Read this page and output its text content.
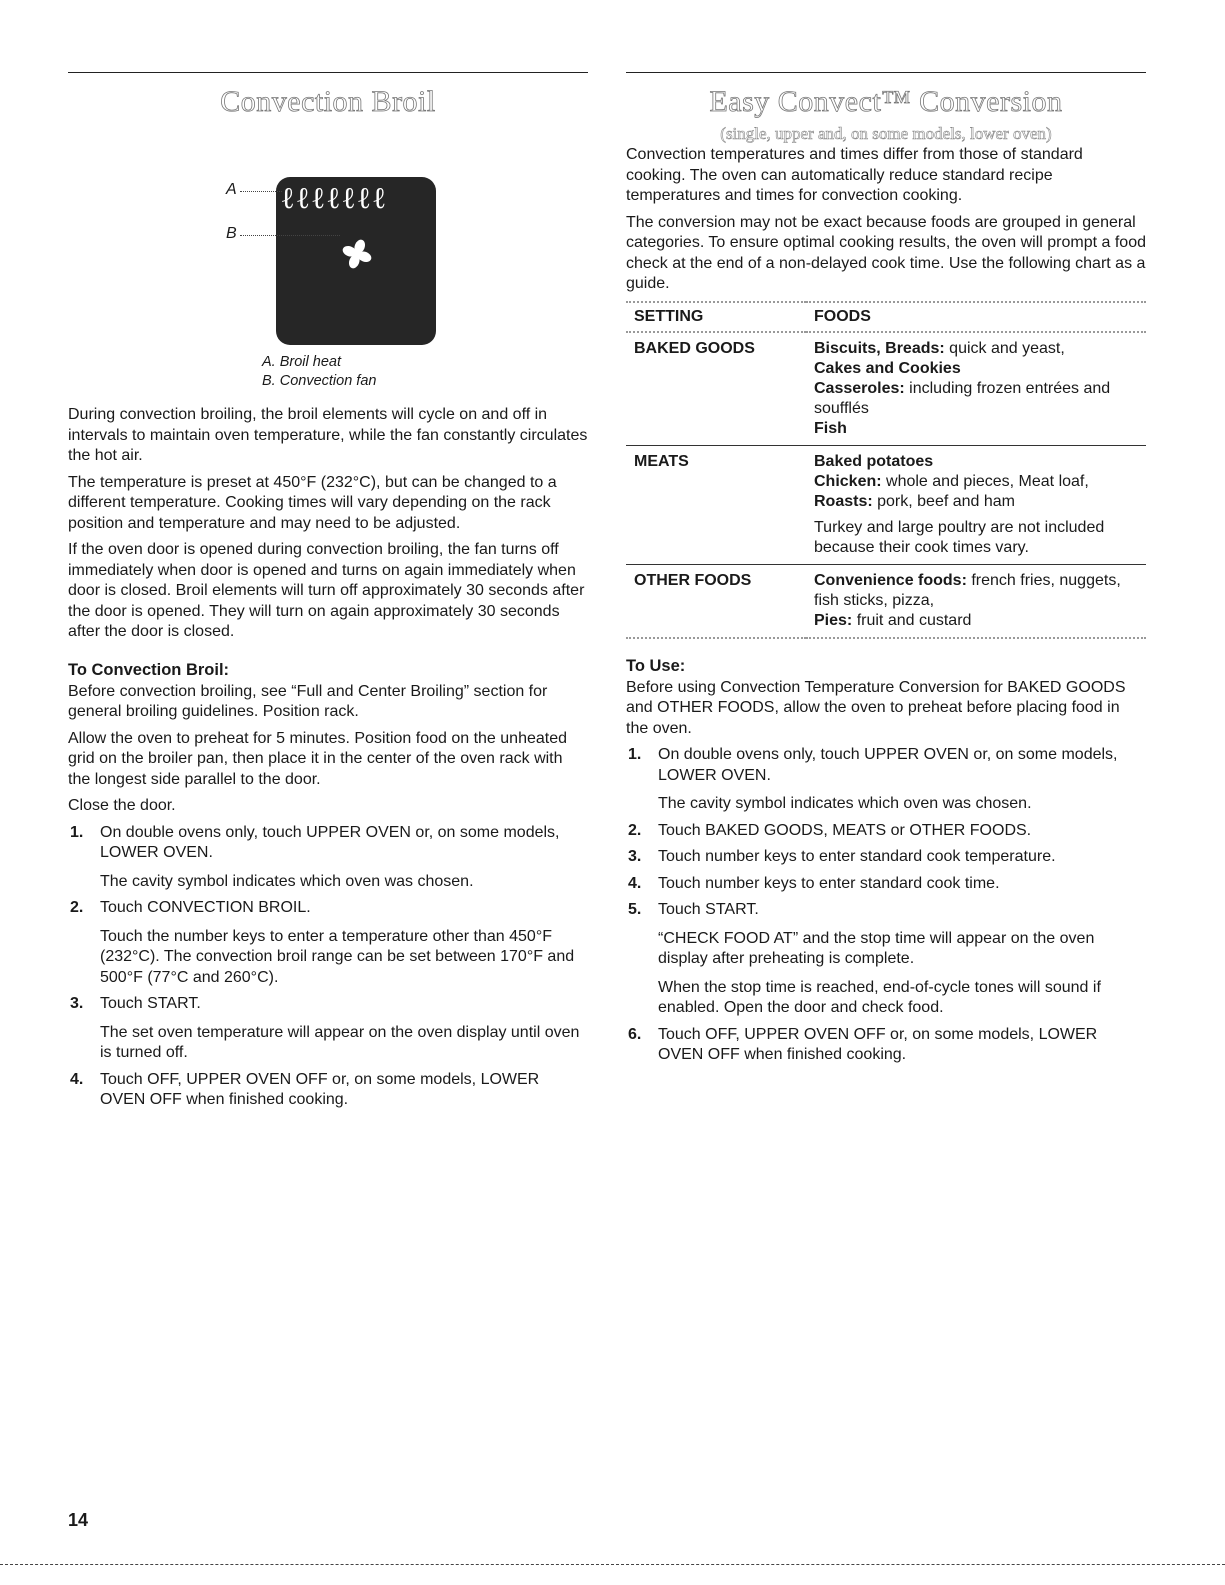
Convection Broil
ℓℓℓℓℓℓℓ
A
B
A. Broil heat
B. Convection fan

During convection broiling, the broil elements will cycle on and off in intervals to maintain oven temperature, while the fan constantly circulates the hot air.

The temperature is preset at 450°F (232°C), but can be changed to a different temperature. Cooking times will vary depending on the rack position and temperature and may need to be adjusted.

If the oven door is opened during convection broiling, the fan turns off immediately when door is opened and turns on again immediately when door is closed. Broil elements will turn off approximately 30 seconds after the door is opened. They will turn on again approximately 30 seconds after the door is closed.

To Convection Broil:

Before convection broiling, see “Full and Center Broiling” section for general broiling guidelines. Position rack.

Allow the oven to preheat for 5 minutes. Position food on the unheated grid on the broiler pan, then place it in the center of the oven rack with the longest side parallel to the door.

Close the door.

1. On double ovens only, touch UPPER OVEN or, on some models, LOWER OVEN.
The cavity symbol indicates which oven was chosen.
2. Touch CONVECTION BROIL.
Touch the number keys to enter a temperature other than 450°F (232°C). The convection broil range can be set between 170°F and 500°F (77°C and 260°C).
3. Touch START.
The set oven temperature will appear on the oven display until oven is turned off.
4. Touch OFF, UPPER OVEN OFF or, on some models, LOWER OVEN OFF when finished cooking.
Easy Convect™ Conversion
(single, upper and, on some models, lower oven)

Convection temperatures and times differ from those of standard cooking. The oven can automatically reduce standard recipe temperatures and times for convection cooking.

The conversion may not be exact because foods are grouped in general categories. To ensure optimal cooking results, the oven will prompt a food check at the end of a non-delayed cook time. Use the following chart as a guide.

SETTING	FOODS
BAKED GOODS	Biscuits, Breads: quick and yeast,
Cakes and Cookies
Casseroles: including frozen entrées and soufflés
Fish

MEATS	Baked potatoes
Chicken: whole and pieces, Meat loaf,
Roasts: pork, beef and ham
Turkey and large poultry are not included because their cook times vary.

OTHER FOODS	Convenience foods: french fries, nuggets, fish sticks, pizza,
Pies: fruit and custard
To Use:

Before using Convection Temperature Conversion for BAKED GOODS and OTHER FOODS, allow the oven to preheat before placing food in the oven.

1. On double ovens only, touch UPPER OVEN or, on some models, LOWER OVEN.
The cavity symbol indicates which oven was chosen.
2. Touch BAKED GOODS, MEATS or OTHER FOODS.
3. Touch number keys to enter standard cook temperature.
4. Touch number keys to enter standard cook time.
5. Touch START.
“CHECK FOOD AT” and the stop time will appear on the oven display after preheating is complete.
When the stop time is reached, end-of-cycle tones will sound if enabled. Open the door and check food.
6. Touch OFF, UPPER OVEN OFF or, on some models, LOWER OVEN OFF when finished cooking.
14
